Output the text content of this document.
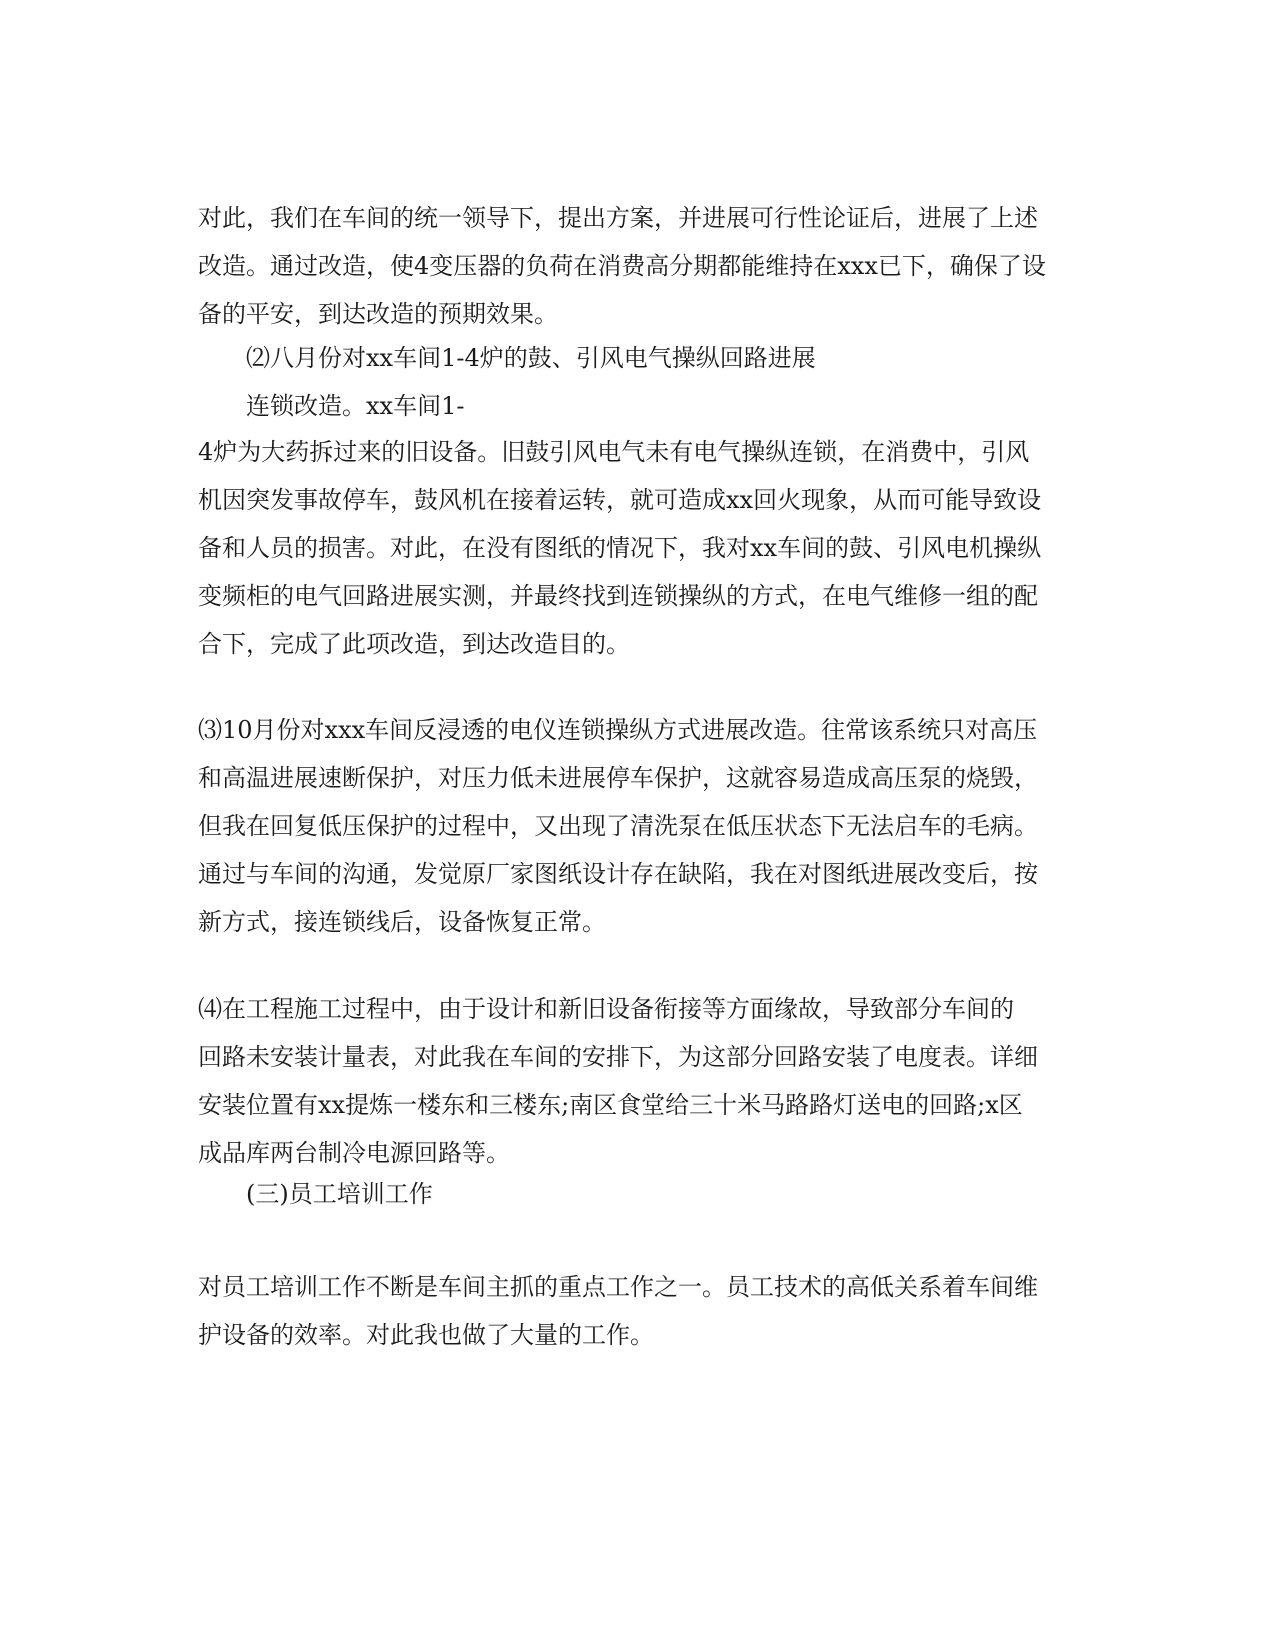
对此，我们在车间的统一领导下，提出方案，并进展可行性论证后，进展了上述
改造。通过改造，使4变压器的负荷在消费高分期都能维持在xxx已下，确保了设
备的平安，到达改造的预期效果。
⑵八月份对xx车间1-4炉的鼓、引风电气操纵回路进展
连锁改造。xx车间1-
4炉为大药拆过来的旧设备。旧鼓引风电气未有电气操纵连锁，在消费中，引风
机因突发事故停车，鼓风机在接着运转，就可造成xx回火现象，从而可能导致设
备和人员的损害。对此，在没有图纸的情况下，我对xx车间的鼓、引风电机操纵
变频柜的电气回路进展实测，并最终找到连锁操纵的方式，在电气维修一组的配
合下，完成了此项改造，到达改造目的。
⑶10月份对xxx车间反浸透的电仪连锁操纵方式进展改造。往常该系统只对高压
和高温进展速断保护，对压力低未进展停车保护，这就容易造成高压泵的烧毁，
但我在回复低压保护的过程中，又出现了清洗泵在低压状态下无法启车的毛病。
通过与车间的沟通，发觉原厂家图纸设计存在缺陷，我在对图纸进展改变后，按
新方式，接连锁线后，设备恢复正常。
⑷在工程施工过程中，由于设计和新旧设备衔接等方面缘故，导致部分车间的
回路未安装计量表，对此我在车间的安排下，为这部分回路安装了电度表。详细
安装位置有xx提炼一楼东和三楼东;南区食堂给三十米马路路灯送电的回路;x区
成品库两台制冷电源回路等。
(三)员工培训工作
对员工培训工作不断是车间主抓的重点工作之一。员工技术的高低关系着车间维
护设备的效率。对此我也做了大量的工作。
